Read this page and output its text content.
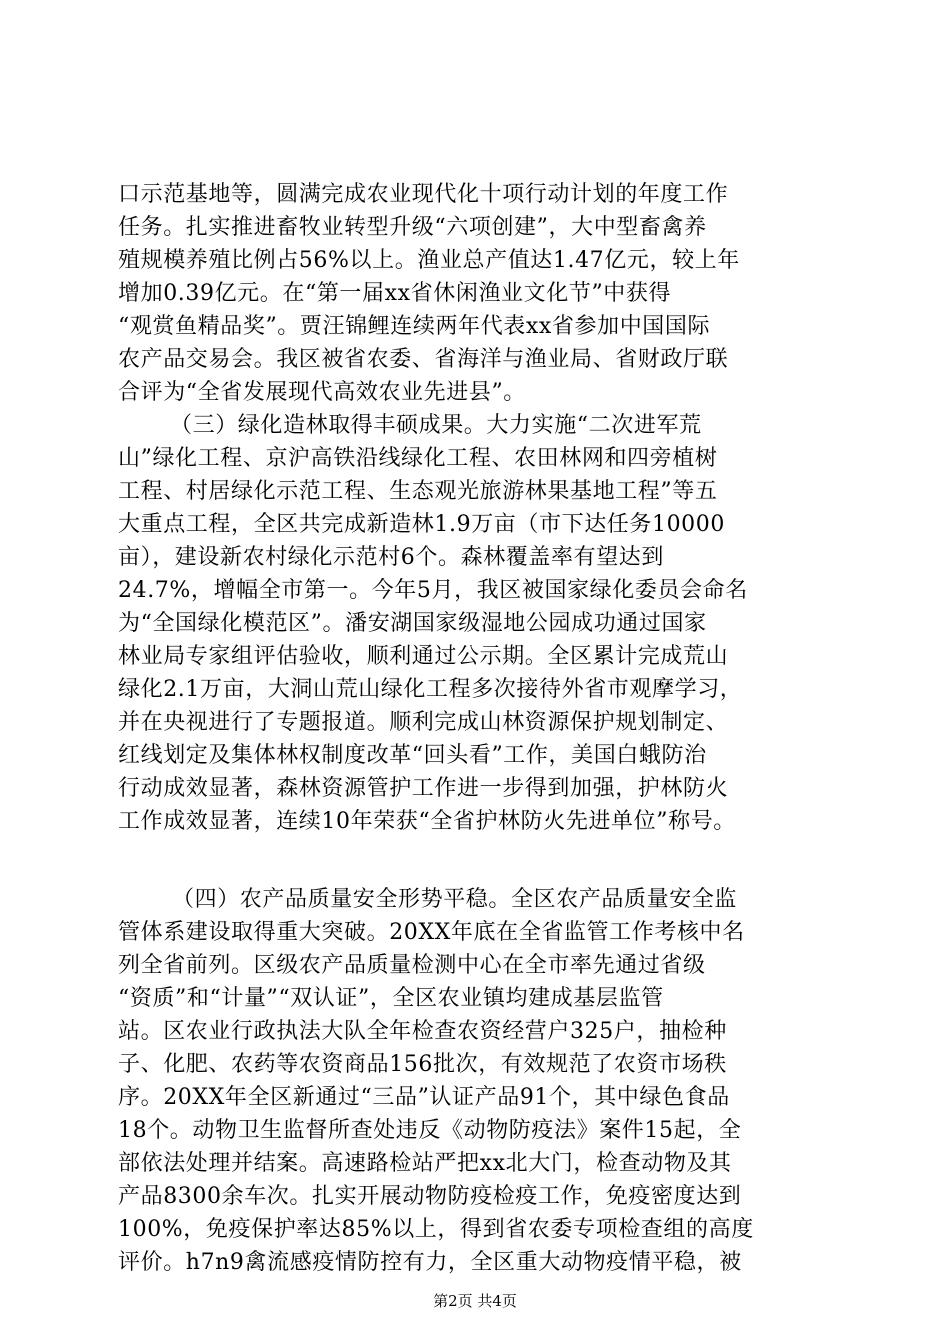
口示范基地等，圆满完成农业现代化十项行动计划的年度工作
任务。扎实推进畜牧业转型升级“六项创建”，大中型畜禽养
殖规模养殖比例占56%以上。渔业总产值达1.47亿元，较上年
增加0.39亿元。在“第一届xx省休闲渔业文化节”中获得
“观赏鱼精品奖”。贾汪锦鲤连续两年代表xx省参加中国国际
农产品交易会。我区被省农委、省海洋与渔业局、省财政厅联
合评为“全省发展现代高效农业先进县”。
（三）绿化造林取得丰硕成果。大力实施“二次进军荒
山”绿化工程、京沪高铁沿线绿化工程、农田林网和四旁植树
工程、村居绿化示范工程、生态观光旅游林果基地工程”等五
大重点工程，全区共完成新造林1.9万亩（市下达任务10000
亩），建设新农村绿化示范村6个。森林覆盖率有望达到
24.7%，增幅全市第一。今年5月，我区被国家绿化委员会命名
为“全国绿化模范区”。潘安湖国家级湿地公园成功通过国家
林业局专家组评估验收，顺利通过公示期。全区累计完成荒山
绿化2.1万亩，大洞山荒山绿化工程多次接待外省市观摩学习，
并在央视进行了专题报道。顺利完成山林资源保护规划制定、
红线划定及集体林权制度改革“回头看”工作，美国白蛾防治
行动成效显著，森林资源管护工作进一步得到加强，护林防火
工作成效显著，连续10年荣获“全省护林防火先进单位”称号。
（四）农产品质量安全形势平稳。全区农产品质量安全监
管体系建设取得重大突破。20XX年底在全省监管工作考核中名
列全省前列。区级农产品质量检测中心在全市率先通过省级
“资质”和“计量”“双认证”，全区农业镇均建成基层监管
站。区农业行政执法大队全年检查农资经营户325户，抽检种
子、化肥、农药等农资商品156批次，有效规范了农资市场秩
序。20XX年全区新通过“三品”认证产品91个，其中绿色食品
18个。动物卫生监督所查处违反《动物防疫法》案件15起，全
部依法处理并结案。高速路检站严把xx北大门，检查动物及其
产品8300余车次。扎实开展动物防疫检疫工作，免疫密度达到
100%，免疫保护率达85%以上，得到省农委专项检查组的高度
评价。h7n9禽流感疫情防控有力，全区重大动物疫情平稳，被
第2页 共4页
